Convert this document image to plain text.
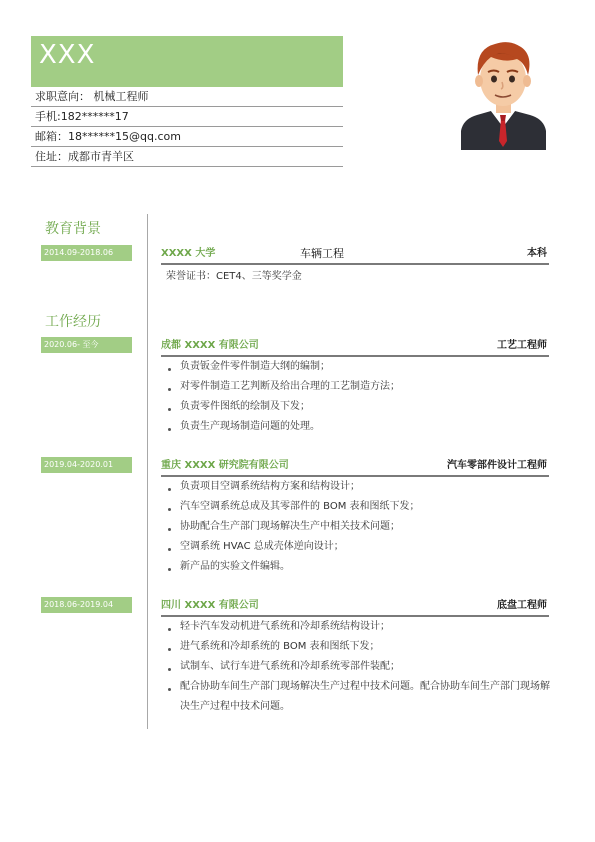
XXX
求职意向： 机械工程师
手机:182******17
邮箱：18******15@qq.com
住址：成都市青羊区
教育背景
2014.09-2018.06	XXXX 大学	车辆工程	本科
荣誉证书：CET4、三等奖学金
工作经历
2020.06- 至今	成都 XXXX 有限公司	工艺工程师
负责钣金件零件制造大纲的编制；
对零件制造工艺判断及给出合理的工艺制造方法；
负责零件图纸的绘制及下发；
负责生产现场制造问题的处理。
2019.04-2020.01	重庆 XXXX 研究院有限公司	汽车零部件设计工程师
负责项目空调系统结构方案和结构设计；
汽车空调系统总成及其零部件的 BOM 表和图纸下发；
协助配合生产部门现场解决生产中相关技术问题；
空调系统 HVAC 总成壳体逆向设计；
新产品的实验文件编辑。
2018.06-2019.04	四川 XXXX 有限公司	底盘工程师
轻卡汽车发动机进气系统和冷却系统结构设计；
进气系统和冷却系统的 BOM 表和图纸下发；
试制车、试行车进气系统和冷却系统零部件装配；
配合协助车间生产部门现场解决生产过程中技术问题。配合协助车间生产部门现场解决生产过程中技术问题。
